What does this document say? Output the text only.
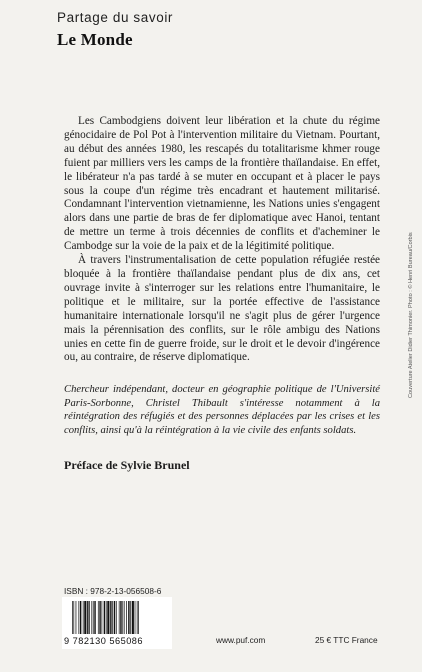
Partage du savoir
Le Monde

Les Cambodgiens doivent leur libération et la chute du régime génocidaire de Pol Pot à l'intervention militaire du Vietnam. Pourtant, au début des années 1980, les rescapés du totalitarisme khmer rouge fuient par milliers vers les camps de la frontière thaïlandaise. En effet, le libérateur n'a pas tardé à se muter en occupant et à placer le pays sous la coupe d'un régime très encadrant et hautement militarisé. Condamnant l'intervention vietnamienne, les Nations unies s'engagent alors dans une partie de bras de fer diplomatique avec Hanoi, tentant de mettre un terme à trois décennies de conflits et d'acheminer le Cambodge sur la voie de la paix et de la légitimité politique.

À travers l'instrumentalisation de cette population réfugiée restée bloquée à la frontière thaïlandaise pendant plus de dix ans, cet ouvrage invite à s'interroger sur les relations entre l'humanitaire, le politique et le militaire, sur la portée effective de l'assistance humanitaire internationale lorsqu'il ne s'agit plus de gérer l'urgence mais la pérennisation des conflits, sur le rôle ambigu des Nations unies en cette fin de guerre froide, sur le droit et le devoir d'ingérence ou, au contraire, de réserve diplomatique.

Chercheur indépendant, docteur en géographie politique de l'Université Paris-Sorbonne, Christel Thibault s'intéresse notamment à la réintégration des réfugiés et des personnes déplacées par les crises et les conflits, ainsi qu'à la réintégration à la vie civile des enfants soldats.
Préface de Sylvie Brunel
Couverture Atelier Didier Thimonier. Photo : © Henri Bureau/Corbis
ISBN : 978-2-13-056508-6
9 782130 565086	www.puf.com	25 € TTC France
